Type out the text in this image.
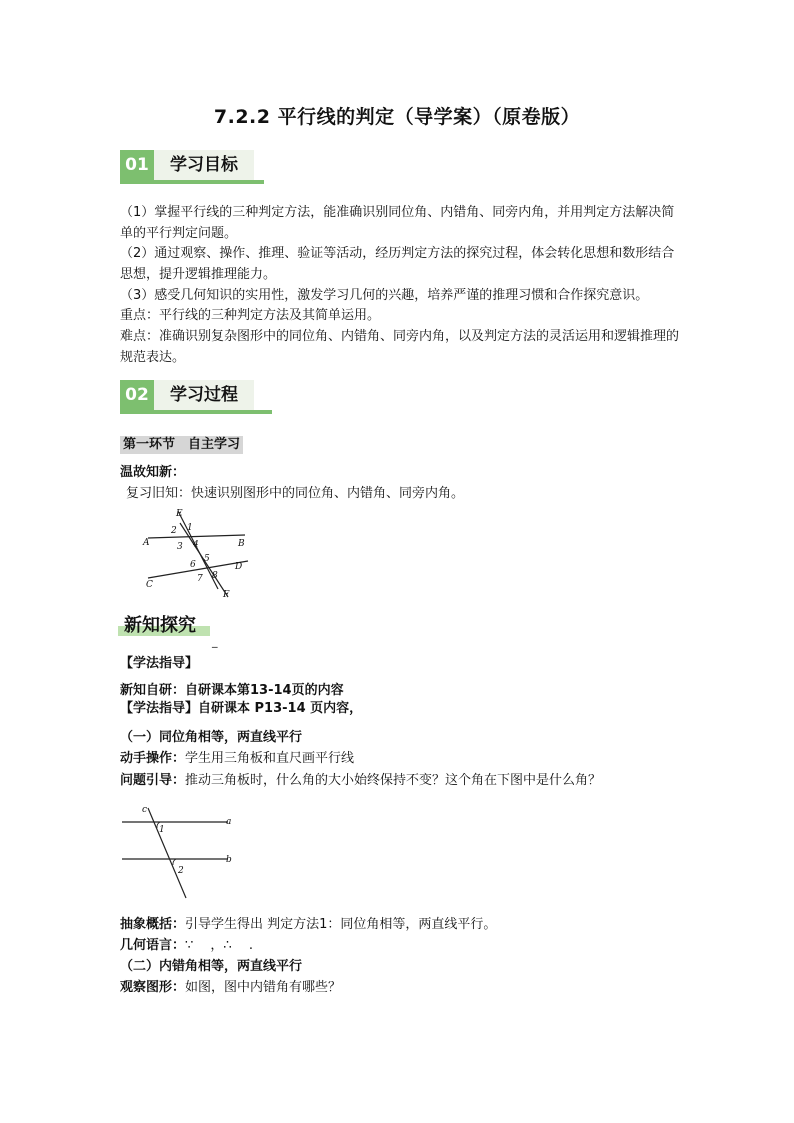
7.2.2 平行线的判定（导学案）（原卷版）
01	学习目标
（1）掌握平行线的三种判定方法，能准确识别同位角、内错角、同旁内角，并用判定方法解决简单的平行判定问题。
（2）通过观察、操作、推理、验证等活动，经历判定方法的探究过程，体会转化思想和数形结合思想，提升逻辑推理能力。
（3）感受几何知识的实用性，激发学习几何的兴趣，培养严谨的推理习惯和合作探究意识。
重点：平行线的三种判定方法及其简单运用。
难点：准确识别复杂图形中的同位角、内错角、同旁内角，以及判定方法的灵活运用和逻辑推理的规范表达。
02	学习过程
第一环节　自主学习
温故知新：
复习旧知：快速识别图形中的同位角、内错角、同旁内角。
E
2 1
A	3 4	B
5
6	D
C
7 8
F
新知探究
_
【学法指导】
新知自研：自研课本第13-14页的内容
【学法指导】自研课本 P13-14 页内容，
（一）同位角相等，两直线平行
动手操作：学生用三角板和直尺画平行线
问题引导：推动三角板时，什么角的大小始终保持不变？这个角在下图中是什么角？
c
1
a
b
2
抽象概括：引导学生得出 判定方法1：同位角相等，两直线平行。
几何语言：∵　 ，∴　 .
（二）内错角相等，两直线平行
观察图形：如图，图中内错角有哪些？
